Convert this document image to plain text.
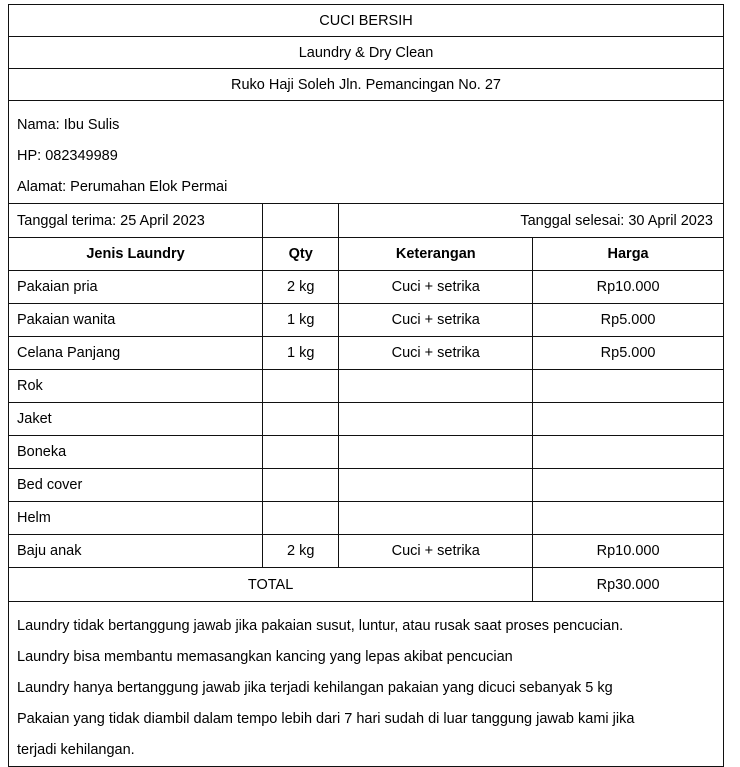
CUCI BERSIH			

Laundry & Dry Clean			

Ruko Haji Soleh Jln. Pemancingan No. 27			

Nama: Ibu Sulis
HP: 082349989
Alamat: Perumahan Elok Permai			

Tanggal terima: 25 April 2023		Tanggal selesai: 30 April 2023	

Jenis Laundry	Qty	Keterangan	Harga

Pakaian pria	2 kg	Cuci + setrika	Rp10.000

Pakaian wanita	1 kg	Cuci + setrika	Rp5.000

Celana Panjang	1 kg	Cuci + setrika	Rp5.000

Rok			

Jaket			

Boneka			

Bed cover			

Helm			

Baju anak	2 kg	Cuci + setrika	Rp10.000

TOTAL			Rp30.000

Laundry tidak bertanggung jawab jika pakaian susut, luntur, atau rusak saat proses pencucian.
Laundry bisa membantu memasangkan kancing yang lepas akibat pencucian
Laundry hanya bertanggung jawab jika terjadi kehilangan pakaian yang dicuci sebanyak 5 kg
Pakaian yang tidak diambil dalam tempo lebih dari 7 hari sudah di luar tanggung jawab kami jika
terjadi kehilangan.			
